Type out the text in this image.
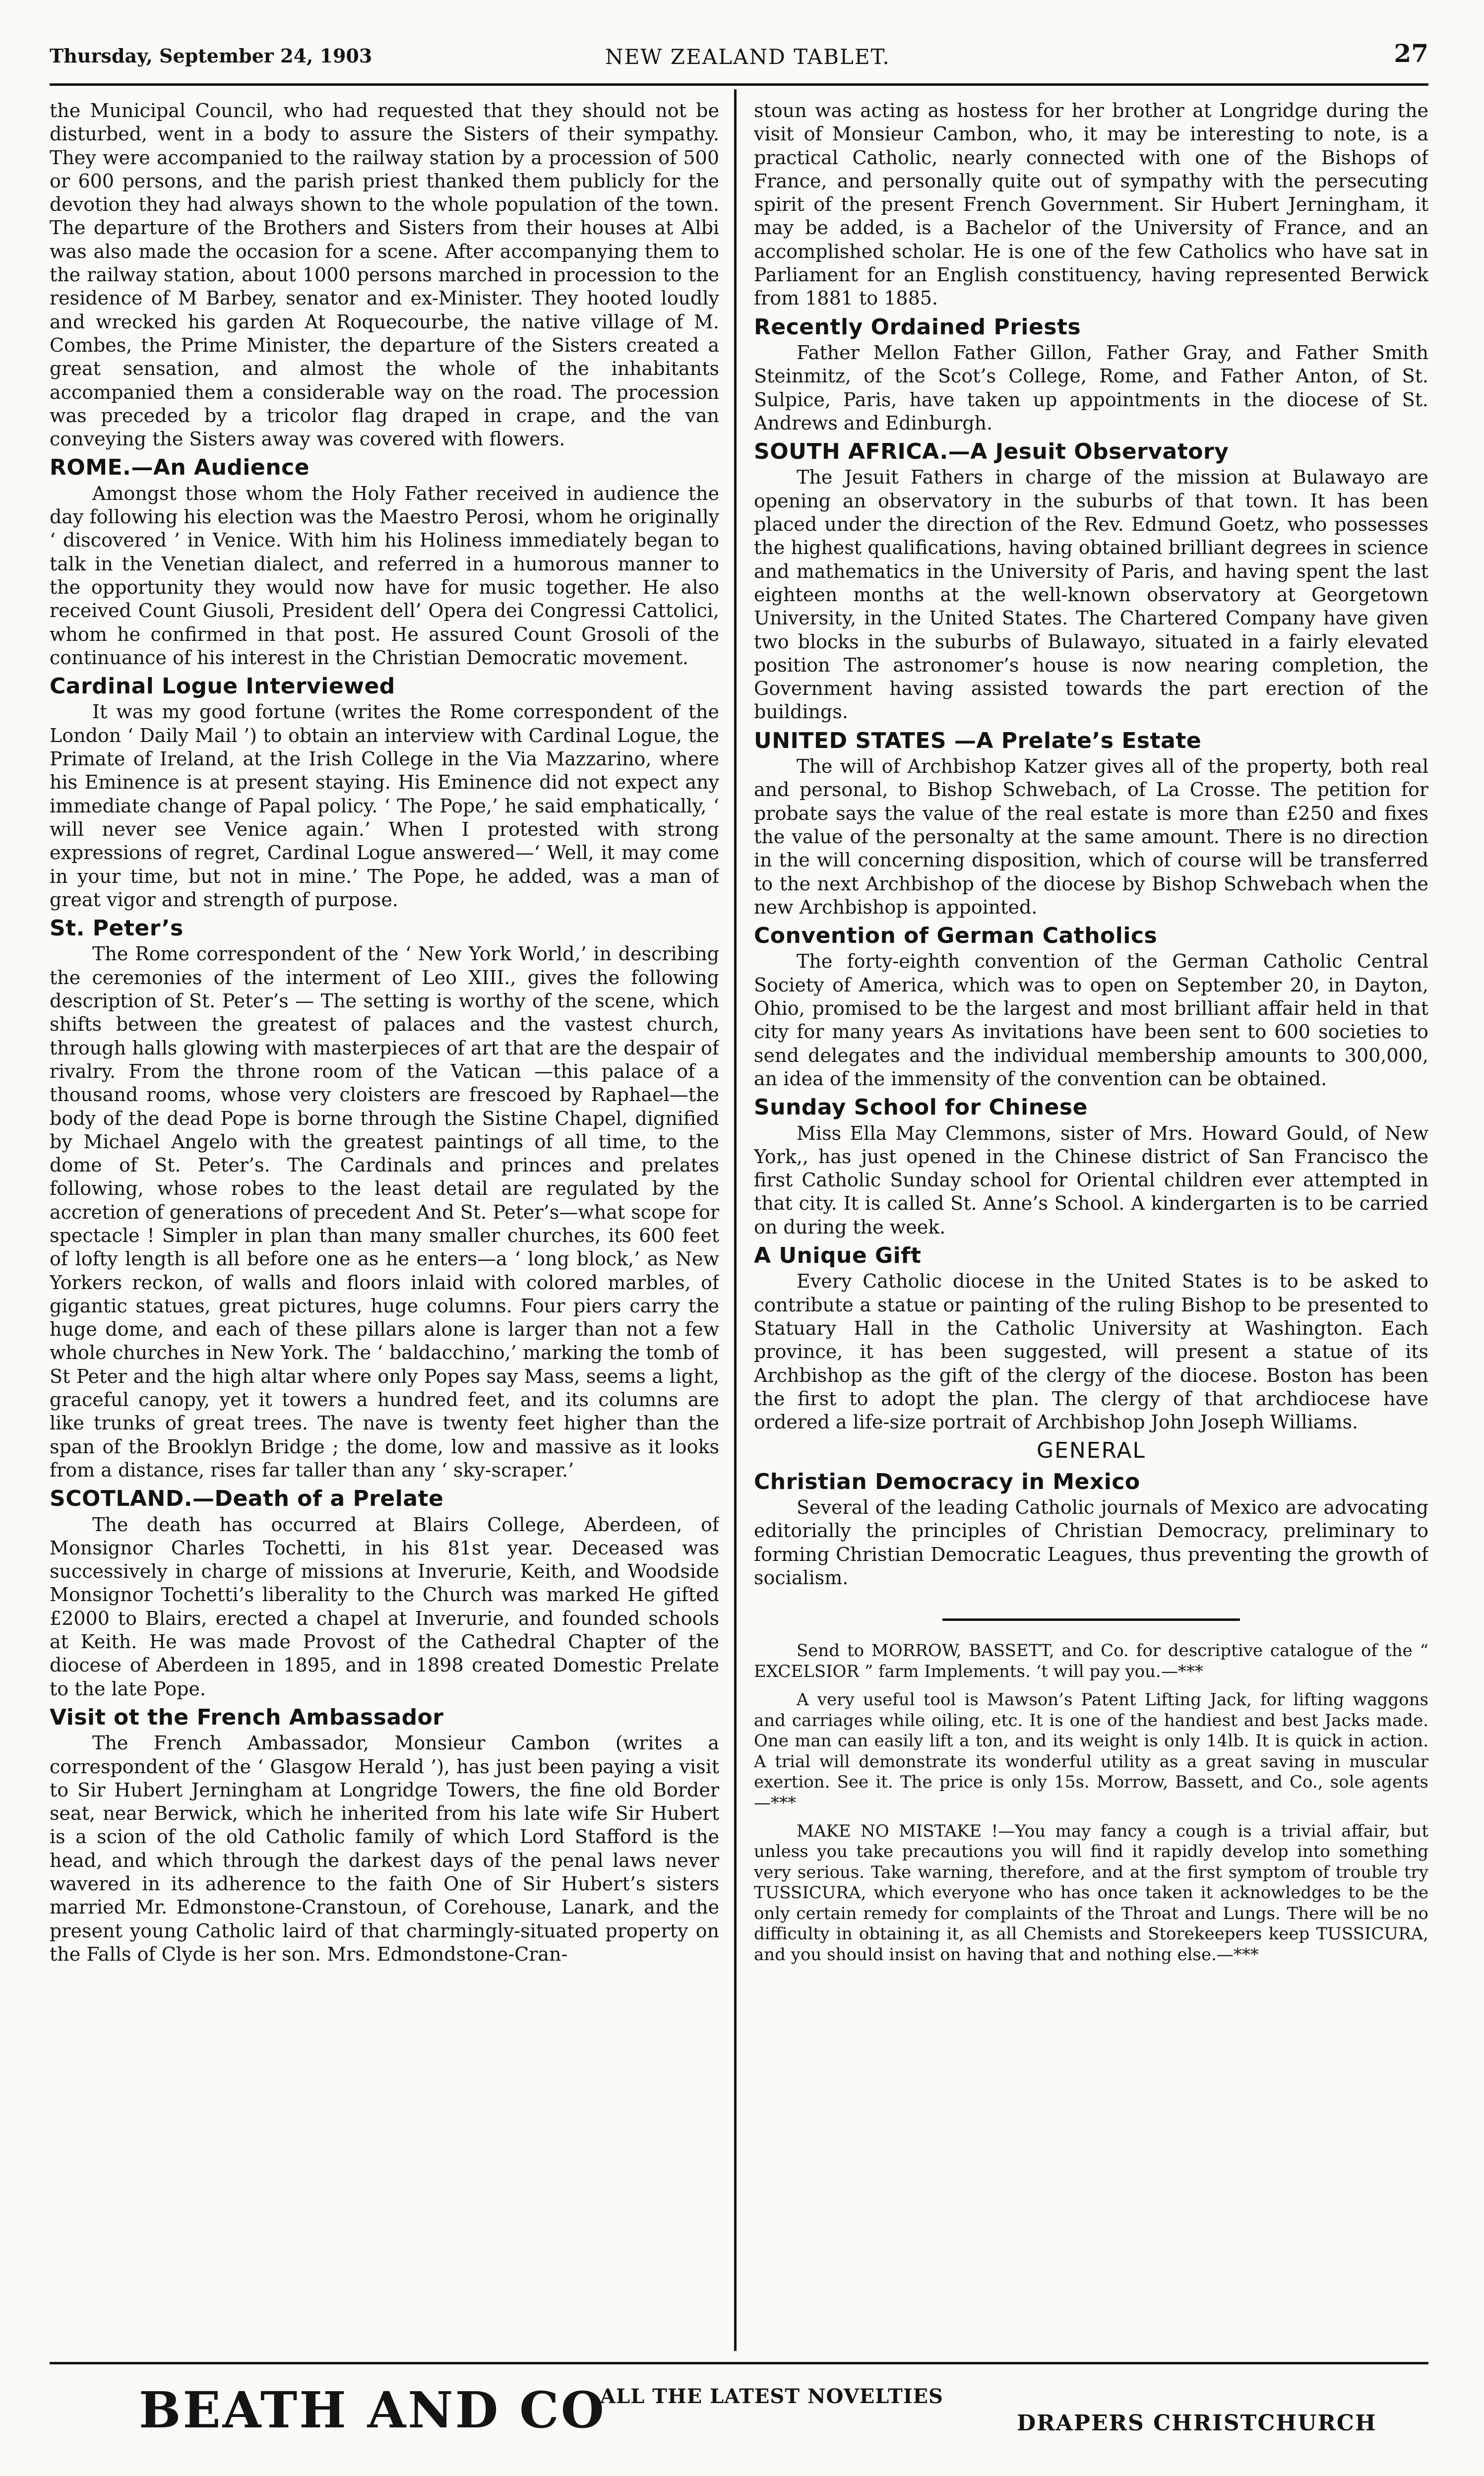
Thursday, September 24, 1903	NEW ZEALAND TABLET.	27

the Municipal Council, who had requested that they should not be disturbed, went in a body to assure the Sisters of their sympathy. They were accompanied to the railway station by a procession of 500 or 600 persons, and the parish priest thanked them publicly for the devotion they had always shown to the whole population of the town. The departure of the Brothers and Sisters from their houses at Albi was also made the occasion for a scene. After accompanying them to the railway station, about 1000 persons marched in procession to the residence of M Barbey, senator and ex-Minister. They hooted loudly and wrecked his garden At Roquecourbe, the native village of M. Combes, the Prime Minister, the departure of the Sisters created a great sensation, and almost the whole of the inhabitants accompanied them a considerable way on the road. The procession was preceded by a tricolor flag draped in crape, and the van conveying the Sisters away was covered with flowers.

ROME.—An Audience

Amongst those whom the Holy Father received in audience the day following his election was the Maestro Perosi, whom he originally ‘ discovered ’ in Venice. With him his Holiness immediately began to talk in the Venetian dialect, and referred in a humorous manner to the opportunity they would now have for music together. He also received Count Giusoli, President dell’ Opera dei Congressi Cattolici, whom he confirmed in that post. He assured Count Grosoli of the continuance of his interest in the Christian Democratic movement.

Cardinal Logue Interviewed

It was my good fortune (writes the Rome correspondent of the London ‘ Daily Mail ’) to obtain an interview with Cardinal Logue, the Primate of Ireland, at the Irish College in the Via Mazzarino, where his Eminence is at present staying. His Eminence did not expect any immediate change of Papal policy. ‘ The Pope,’ he said emphatically, ‘ will never see Venice again.’ When I protested with strong expressions of regret, Cardinal Logue answered—‘ Well, it may come in your time, but not in mine.’ The Pope, he added, was a man of great vigor and strength of purpose.

St. Peter’s

The Rome correspondent of the ‘ New York World,’ in describing the ceremonies of the interment of Leo XIII., gives the following description of St. Peter’s — The setting is worthy of the scene, which shifts between the greatest of palaces and the vastest church, through halls glowing with masterpieces of art that are the despair of rivalry. From the throne room of the Vatican —this palace of a thousand rooms, whose very cloisters are frescoed by Raphael—the body of the dead Pope is borne through the Sistine Chapel, dignified by Michael Angelo with the greatest paintings of all time, to the dome of St. Peter’s. The Cardinals and princes and prelates following, whose robes to the least detail are regulated by the accretion of generations of precedent And St. Peter’s—what scope for spectacle ! Simpler in plan than many smaller churches, its 600 feet of lofty length is all before one as he enters—a ‘ long block,’ as New Yorkers reckon, of walls and floors inlaid with colored marbles, of gigantic statues, great pictures, huge columns. Four piers carry the huge dome, and each of these pillars alone is larger than not a few whole churches in New York. The ‘ baldacchino,’ marking the tomb of St Peter and the high altar where only Popes say Mass, seems a light, graceful canopy, yet it towers a hundred feet, and its columns are like trunks of great trees. The nave is twenty feet higher than the span of the Brooklyn Bridge ; the dome, low and massive as it looks from a distance, rises far taller than any ‘ sky-scraper.’

SCOTLAND.—Death of a Prelate

The death has occurred at Blairs College, Aberdeen, of Monsignor Charles Tochetti, in his 81st year. Deceased was successively in charge of missions at Inverurie, Keith, and Woodside Monsignor Tochetti’s liberality to the Church was marked He gifted £2000 to Blairs, erected a chapel at Inverurie, and founded schools at Keith. He was made Provost of the Cathedral Chapter of the diocese of Aberdeen in 1895, and in 1898 created Domestic Prelate to the late Pope.

Visit ot the French Ambassador

The French Ambassador, Monsieur Cambon (writes a correspondent of the ‘ Glasgow Herald ’), has just been paying a visit to Sir Hubert Jerningham at Longridge Towers, the fine old Border seat, near Berwick, which he inherited from his late wife Sir Hubert is a scion of the old Catholic family of which Lord Stafford is the head, and which through the darkest days of the penal laws never wavered in its adherence to the faith One of Sir Hubert’s sisters married Mr. Edmonstone-Cranstoun, of Corehouse, Lanark, and the present young Catholic laird of that charmingly-situated property on the Falls of Clyde is her son. Mrs. Edmondstone-Cran-

stoun was acting as hostess for her brother at Longridge during the visit of Monsieur Cambon, who, it may be interesting to note, is a practical Catholic, nearly connected with one of the Bishops of France, and personally quite out of sympathy with the persecuting spirit of the present French Government. Sir Hubert Jerningham, it may be added, is a Bachelor of the University of France, and an accomplished scholar. He is one of the few Catholics who have sat in Parliament for an English constituency, having represented Berwick from 1881 to 1885.

Recently Ordained Priests

Father Mellon Father Gillon, Father Gray, and Father Smith Steinmitz, of the Scot’s College, Rome, and Father Anton, of St. Sulpice, Paris, have taken up appointments in the diocese of St. Andrews and Edinburgh.

SOUTH AFRICA.—A Jesuit Observatory

The Jesuit Fathers in charge of the mission at Bulawayo are opening an observatory in the suburbs of that town. It has been placed under the direction of the Rev. Edmund Goetz, who possesses the highest qualifications, having obtained brilliant degrees in science and mathematics in the University of Paris, and having spent the last eighteen months at the well-known observatory at Georgetown University, in the United States. The Chartered Company have given two blocks in the suburbs of Bulawayo, situated in a fairly elevated position The astronomer’s house is now nearing completion, the Government having assisted towards the part erection of the buildings.

UNITED STATES —A Prelate’s Estate

The will of Archbishop Katzer gives all of the property, both real and personal, to Bishop Schwebach, of La Crosse. The petition for probate says the value of the real estate is more than £250 and fixes the value of the personalty at the same amount. There is no direction in the will concerning disposition, which of course will be transferred to the next Archbishop of the diocese by Bishop Schwebach when the new Archbishop is appointed.

Convention of German Catholics

The forty-eighth convention of the German Catholic Central Society of America, which was to open on September 20, in Dayton, Ohio, promised to be the largest and most brilliant affair held in that city for many years As invitations have been sent to 600 societies to send delegates and the individual membership amounts to 300,000, an idea of the immensity of the convention can be obtained.

Sunday School for Chinese

Miss Ella May Clemmons, sister of Mrs. Howard Gould, of New York,, has just opened in the Chinese district of San Francisco the first Catholic Sunday school for Oriental children ever attempted in that city. It is called St. Anne’s School. A kindergarten is to be carried on during the week.

A Unique Gift

Every Catholic diocese in the United States is to be asked to contribute a statue or painting of the ruling Bishop to be presented to Statuary Hall in the Catholic University at Washington. Each province, it has been suggested, will present a statue of its Archbishop as the gift of the clergy of the diocese. Boston has been the first to adopt the plan. The clergy of that archdiocese have ordered a life-size portrait of Archbishop John Joseph Williams.

GENERAL
Christian Democracy in Mexico

Several of the leading Catholic journals of Mexico are advocating editorially the principles of Christian Democracy, preliminary to forming Christian Democratic Leagues, thus preventing the growth of socialism.

Send to MORROW, BASSETT, and Co. for descriptive catalogue of the “ EXCELSIOR ” farm Implements. ‘t will pay you.—***

A very useful tool is Mawson’s Patent Lifting Jack, for lifting waggons and carriages while oiling, etc. It is one of the handiest and best Jacks made. One man can easily lift a ton, and its weight is only 14lb. It is quick in action. A trial will demonstrate its wonderful utility as a great saving in muscular exertion. See it. The price is only 15s. Morrow, Bassett, and Co., sole agents —***

MAKE NO MISTAKE !—You may fancy a cough is a trivial affair, but unless you take precautions you will find it rapidly develop into something very serious. Take warning, therefore, and at the first symptom of trouble try TUSSICURA, which everyone who has once taken it acknowledges to be the only certain remedy for complaints of the Throat and Lungs. There will be no difficulty in obtaining it, as all Chemists and Storekeepers keep TUSSICURA, and you should insist on having that and nothing else.—***

BEATH AND CO
ALL THE LATEST NOVELTIES
DRAPERS CHRISTCHURCH
